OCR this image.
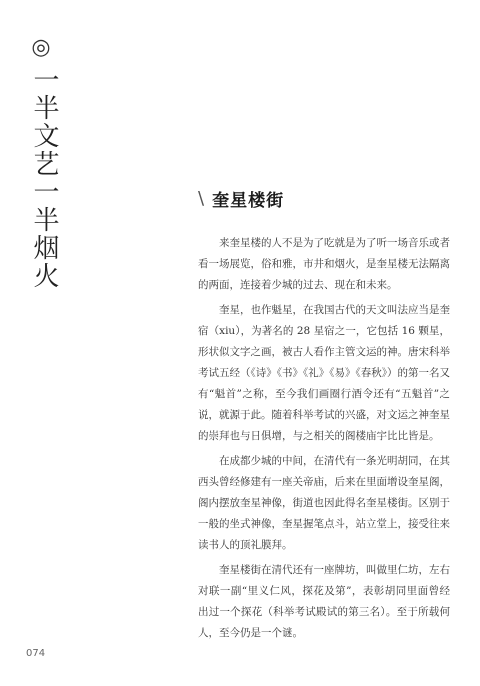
◎
一半文艺一半烟火	\ 奎星楼街

来奎星楼的人不是为了吃就是为了听一场音乐或者看一场展览，俗和雅，市井和烟火，是奎星楼无法隔离的两面，连接着少城的过去、现在和未来。

奎星，也作魁星，在我国古代的天文叫法应当是奎宿（xiu），为著名的 28 星宿之一，它包括 16 颗星，形状似文字之画，被古人看作主管文运的神。唐宋科举考试五经（《诗》《书》《礼》《易》《春秋》）的第一名又有“魁首”之称，至今我们画圈行酒令还有“五魁首”之说，就源于此。随着科举考试的兴盛，对文运之神奎星的崇拜也与日俱增，与之相关的阁楼庙宇比比皆是。

在成都少城的中间，在清代有一条光明胡同，在其西头曾经修建有一座关帝庙，后来在里面增设奎星阁，阁内摆放奎星神像，街道也因此得名奎星楼街。区别于一般的坐式神像，奎星握笔点斗，站立堂上，接受往来读书人的顶礼膜拜。

奎星楼街在清代还有一座牌坊，叫做里仁坊，左右对联一副“里义仁风，探花及第”，表彰胡同里面曾经出过一个探花（科举考试殿试的第三名）。至于所载何人，至今仍是一个谜。

074
